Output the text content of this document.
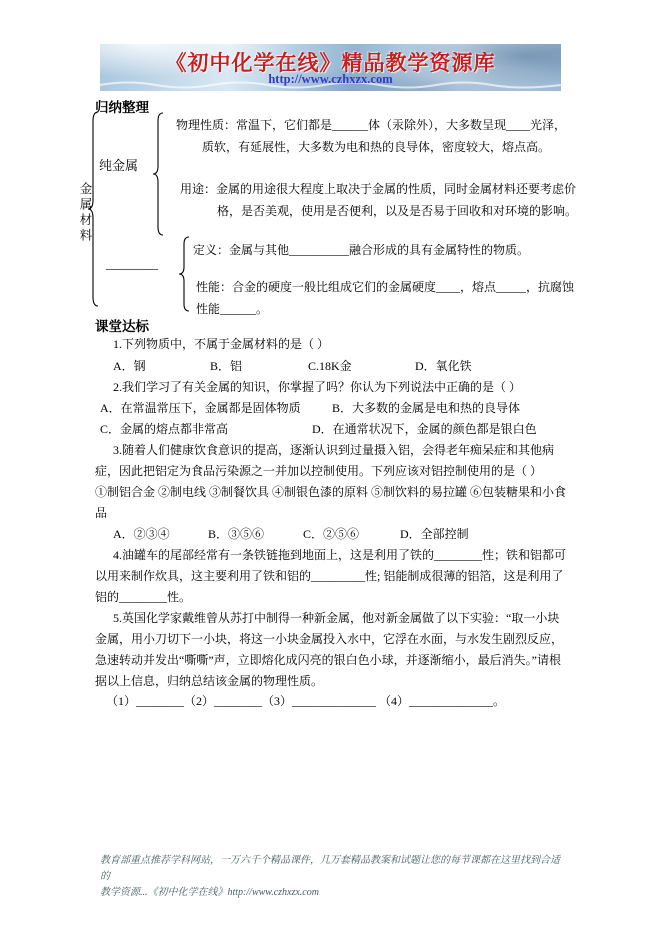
《初中化学在线》精品教学资源库
http://www.czhxzx.com
归纳整理
金属材料
纯金属
物理性质：常温下，它们都是______体（汞除外），大多数呈现____光泽，质软，有延展性，大多数为电和热的良导体，密度较大，熔点高。
用途：金属的用途很大程度上取决于金属的性质，同时金属材料还要考虑价格，是否美观，使用是否便利，以及是否易于回收和对环境的影响。
________
定义：金属与其他__________融合形成的具有金属特性的物质。
性能：合金的硬度一般比组成它们的金属硬度____，熔点_____，抗腐蚀性能______。
课堂达标
1.下列物质中，不属于金属材料的是（ ）
A．钢	B．铝	C.18K金	D．氧化铁
2.我们学习了有关金属的知识，你掌握了吗？你认为下列说法中正确的是（ ）
A．在常温常压下，金属都是固体物质	B．大多数的金属是电和热的良导体
C．金属的熔点都非常高	D．在通常状况下，金属的颜色都是银白色
3.随着人们健康饮食意识的提高，逐渐认识到过量摄入铝，会得老年痴呆症和其他病症，因此把铝定为食品污染源之一并加以控制使用。下列应该对铝控制使用的是（ ）
①制铝合金 ②制电线 ③制餐饮具 ④制银色漆的原料 ⑤制饮料的易拉罐 ⑥包装糖果和小食品
A．②③④	B．③⑤⑥	C．②⑤⑥	D．全部控制
4.油罐车的尾部经常有一条铁链拖到地面上，这是利用了铁的________性；铁和铝都可以用来制作炊具，这主要利用了铁和铝的_________性; 铝能制成很薄的铝箔，这是利用了铝的________性。
5.英国化学家戴维曾从苏打中制得一种新金属，他对新金属做了以下实验：“取一小块金属，用小刀切下一小块，将这一小块金属投入水中，它浮在水面，与水发生剧烈反应，急速转动并发出“嘶嘶”声，立即熔化成闪亮的银白色小球，并逐渐缩小，最后消失。”请根据以上信息，归纳总结该金属的物理性质。
（1）________（2）________（3）______________ （4）______________。
教育部重点推荐学科网站，一万六千个精品课件，几万套精品教案和试题让您的每节课都在这里找到合适的
教学资源...《初中化学在线》http://www.czhxzx.com
